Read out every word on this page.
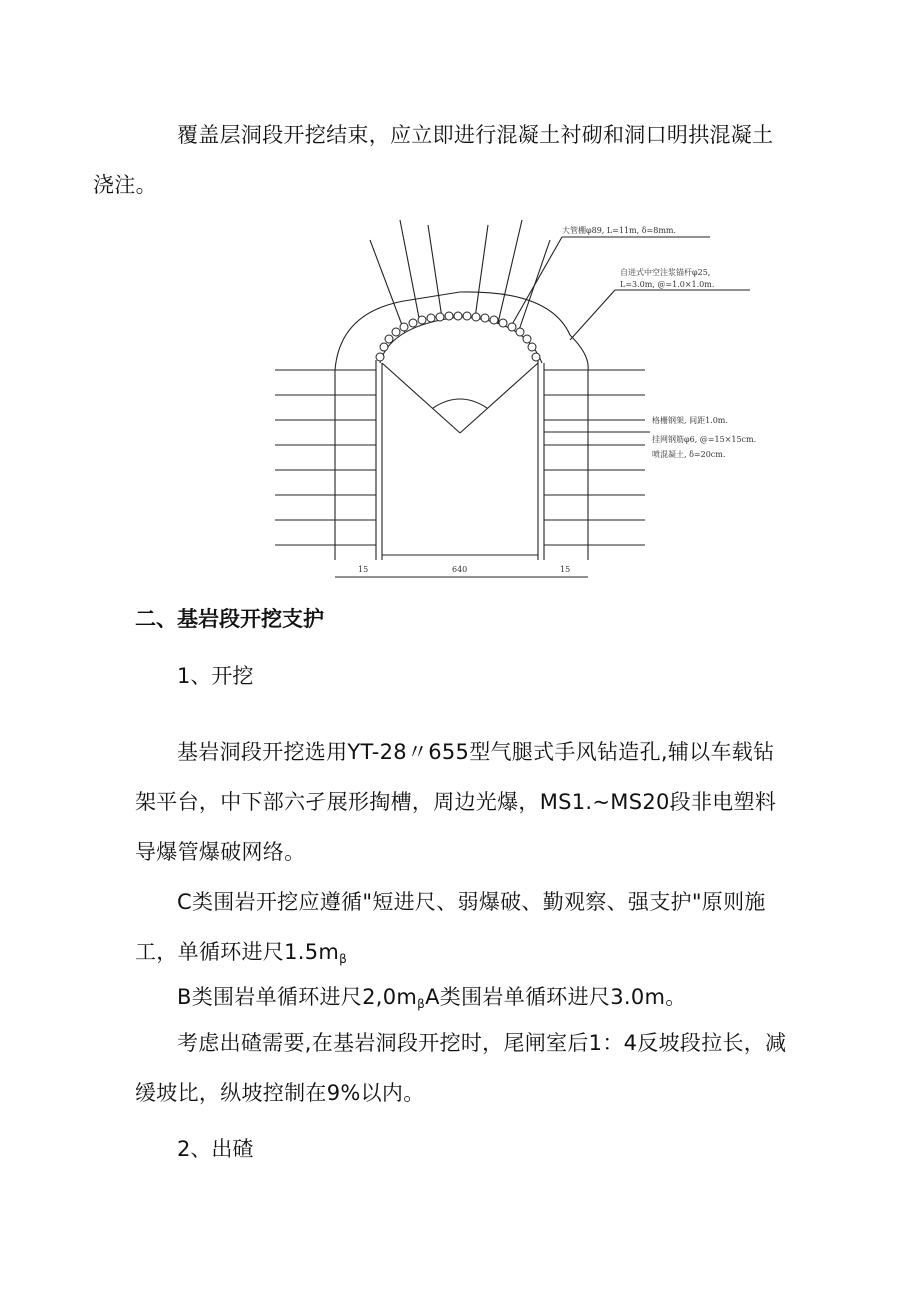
覆盖层洞段开挖结束，应立即进行混凝土衬砌和洞口明拱混凝土
浇注。

大管棚φ89, L=11m, δ=8mm.
自进式中空注浆锚杆φ25,
L=3.0m, @=1.0×1.0m.
格栅钢架, 间距1.0m.
挂网钢筋φ6, @=15×15cm.
喷混凝土, δ=20cm.
15	640	15
二、基岩段开挖支护

1、开挖

基岩洞段开挖选用YT-28〃655型气腿式手风钻造孔,辅以车载钻架平台，中下部六孑展形掏槽，周边光爆，MS1.~MS20段非电塑料导爆管爆破网络。

C类围岩开挖应遵循"短进尺、弱爆破、勤观察、强支护"原则施工，单循环进尺$1.5m_\beta$

B类围岩单循环进尺$2,0m_\beta A$类围岩单循环进尺3.0m。

考虑出碴需要,在基岩洞段开挖时，尾闸室后1：4反坡段拉长，减缓坡比，纵坡控制在9%以内。

2、出碴
